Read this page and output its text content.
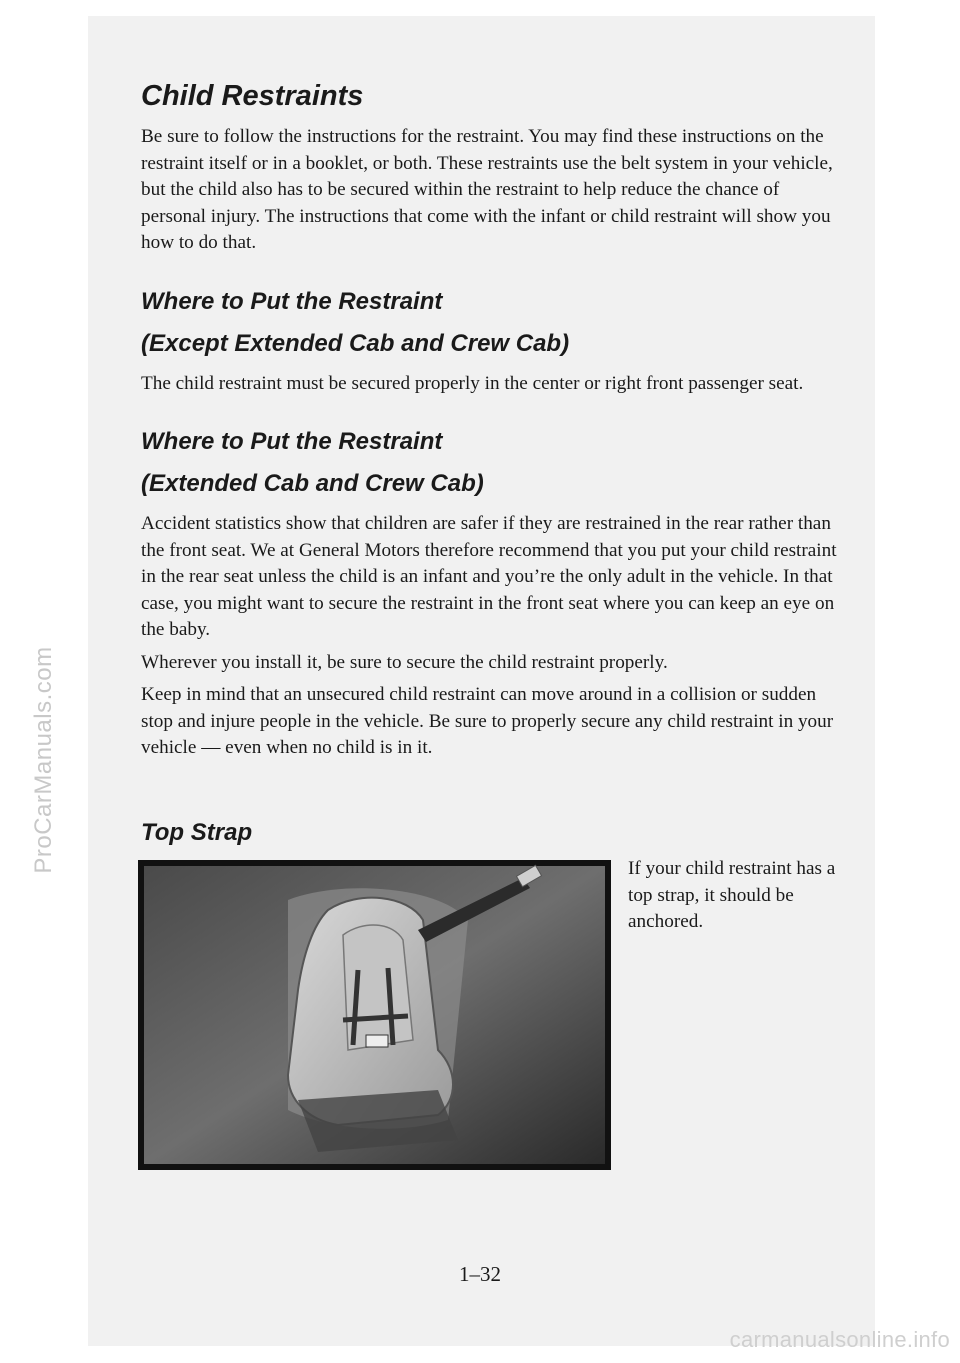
ProCarManuals.com
Child Restraints

Be sure to follow the instructions for the restraint. You may find these instructions on the restraint itself or in a booklet, or both. These restraints use the belt system in your vehicle, but the child also has to be secured within the restraint to help reduce the chance of personal injury. The instructions that come with the infant or child restraint will show you how to do that.

Where to Put the Restraint
(Except Extended Cab and Crew Cab)

The child restraint must be secured properly in the center or right front passenger seat.

Where to Put the Restraint
(Extended Cab and Crew Cab)

Accident statistics show that children are safer if they are restrained in the rear rather than the front seat. We at General Motors therefore recommend that you put your child restraint in the rear seat unless the child is an infant and you’re the only adult in the vehicle. In that case, you might want to secure the restraint in the front seat where you can keep an eye on the baby.

Wherever you install it, be sure to secure the child restraint properly.

Keep in mind that an unsecured child restraint can move around in a collision or sudden stop and injure people in the vehicle. Be sure to properly secure any child restraint in your vehicle — even when no child is in it.

Top Strap

If your child restraint has a top strap, it should be anchored.

1–32
carmanualsonline.info
